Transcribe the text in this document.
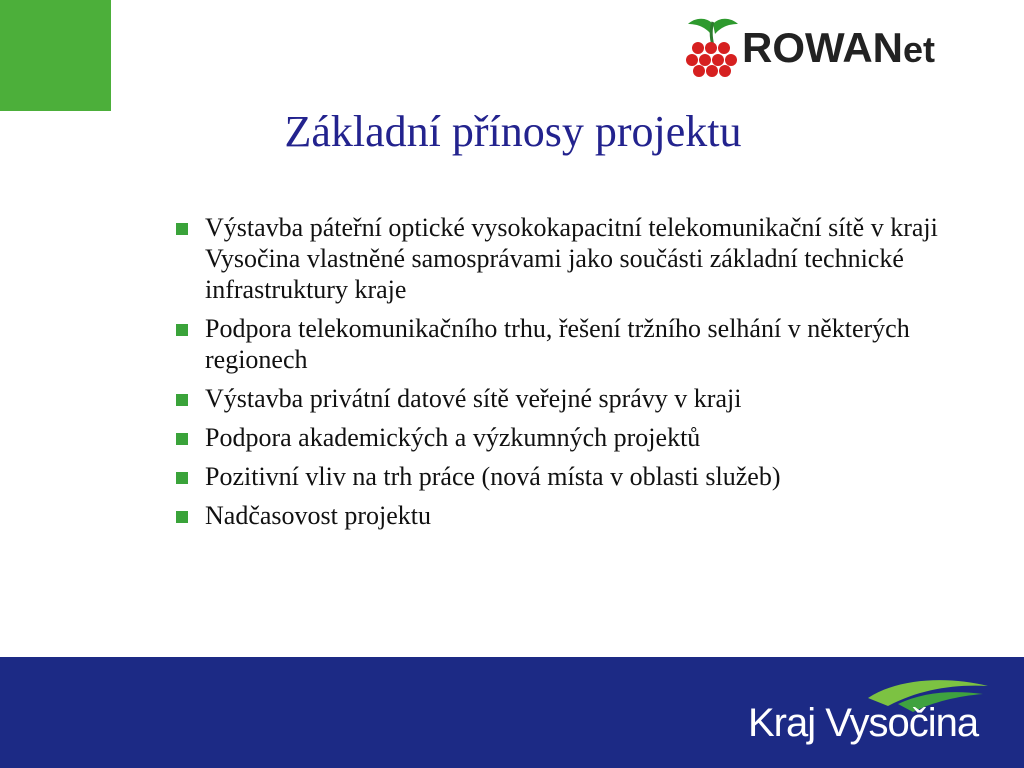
ROWANet
Základní přínosy projektu
Výstavba páteřní optické vysokokapacitní telekomunikační sítě v kraji Vysočina vlastněné samosprávami jako součásti základní technické infrastruktury kraje
Podpora telekomunikačního trhu, řešení tržního selhání v některých regionech
Výstavba privátní datové sítě veřejné správy v kraji
Podpora akademických a výzkumných projektů
Pozitivní vliv na trh práce (nová místa v oblasti služeb)
Nadčasovost projektu
Kraj Vysočina
